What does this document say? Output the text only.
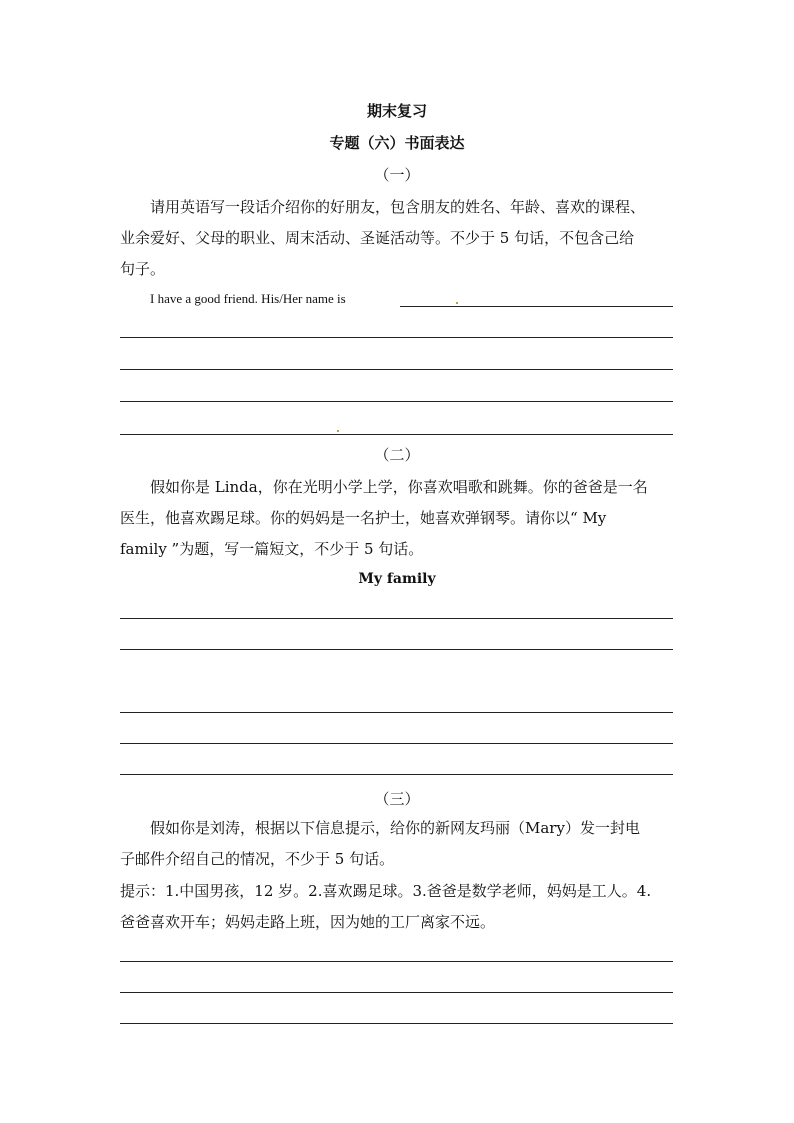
期末复习
专题（六）书面表达
（一）
请用英语写一段话介绍你的好朋友，包含朋友的姓名、年龄、喜欢的课程、
业余爱好、父母的职业、周末活动、圣诞活动等。不少于 5 句话，不包含己给
句子。
I have a good friend. His/Her name is
（二）
假如你是 Linda，你在光明小学上学，你喜欢唱歌和跳舞。你的爸爸是一名
医生，他喜欢踢足球。你的妈妈是一名护士，她喜欢弹钢琴。请你以“ My
family ”为题，写一篇短文，不少于 5 句话。
My family
（三）
假如你是刘涛，根据以下信息提示，给你的新网友玛丽（Mary）发一封电
子邮件介绍自己的情况，不少于 5 句话。
提示：1.中国男孩，12 岁。2.喜欢踢足球。3.爸爸是数学老师，妈妈是工人。4.
爸爸喜欢开车；妈妈走路上班，因为她的工厂离家不远。
